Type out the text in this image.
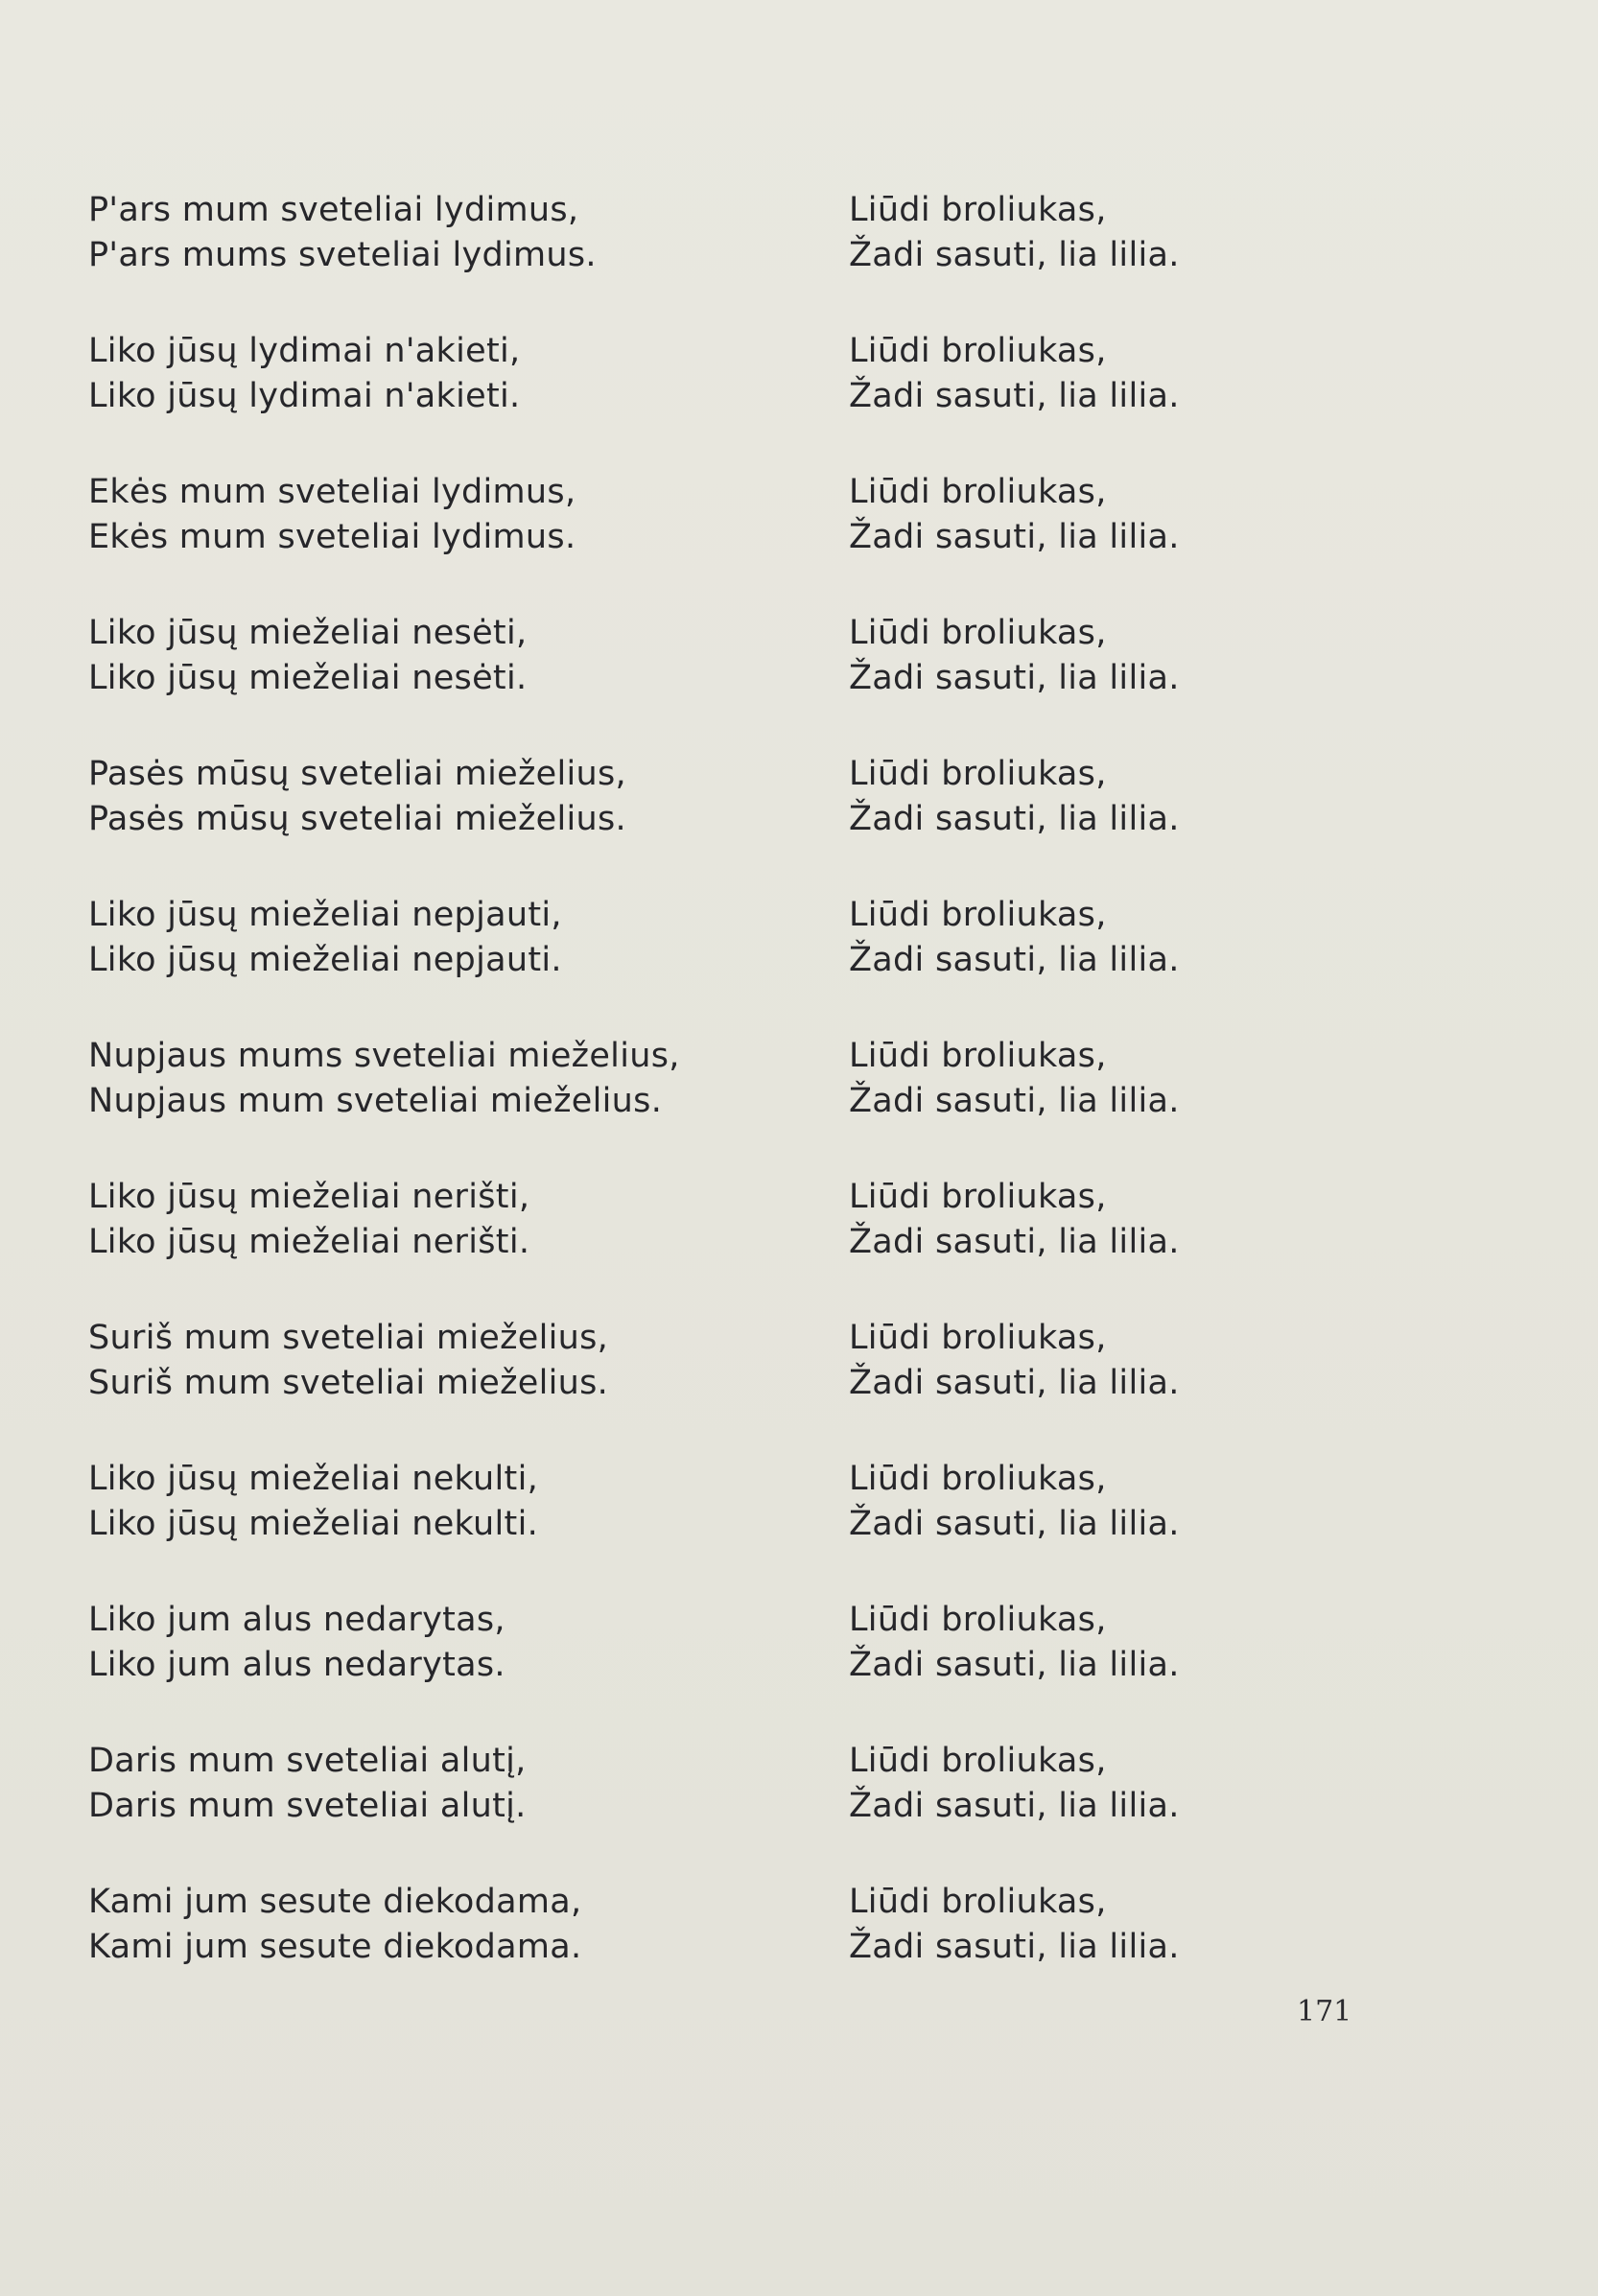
P'ars mum sveteliai lydimus,
P'ars mums sveteliai lydimus.
Liko jūsų lydimai n'akieti,
Liko jūsų lydimai n'akieti.
Ekės mum sveteliai lydimus,
Ekės mum sveteliai lydimus.
Liko jūsų mieželiai nesėti,
Liko jūsų mieželiai nesėti.
Pasės mūsų sveteliai mieželius,
Pasės mūsų sveteliai mieželius.
Liko jūsų mieželiai nepjauti,
Liko jūsų mieželiai nepjauti.
Nupjaus mums sveteliai mieželius,
Nupjaus mum sveteliai mieželius.
Liko jūsų mieželiai nerišti,
Liko jūsų mieželiai nerišti.
Suriš mum sveteliai mieželius,
Suriš mum sveteliai mieželius.
Liko jūsų mieželiai nekulti,
Liko jūsų mieželiai nekulti.
Liko jum alus nedarytas,
Liko jum alus nedarytas.
Daris mum sveteliai alutį,
Daris mum sveteliai alutį.
Kami jum sesute diekodama,
Kami jum sesute diekodama.
Liūdi broliukas,
Žadi sasuti, lia lilia.
Liūdi broliukas,
Žadi sasuti, lia lilia.
Liūdi broliukas,
Žadi sasuti, lia lilia.
Liūdi broliukas,
Žadi sasuti, lia lilia.
Liūdi broliukas,
Žadi sasuti, lia lilia.
Liūdi broliukas,
Žadi sasuti, lia lilia.
Liūdi broliukas,
Žadi sasuti, lia lilia.
Liūdi broliukas,
Žadi sasuti, lia lilia.
Liūdi broliukas,
Žadi sasuti, lia lilia.
Liūdi broliukas,
Žadi sasuti, lia lilia.
Liūdi broliukas,
Žadi sasuti, lia lilia.
Liūdi broliukas,
Žadi sasuti, lia lilia.
Liūdi broliukas,
Žadi sasuti, lia lilia.
171
